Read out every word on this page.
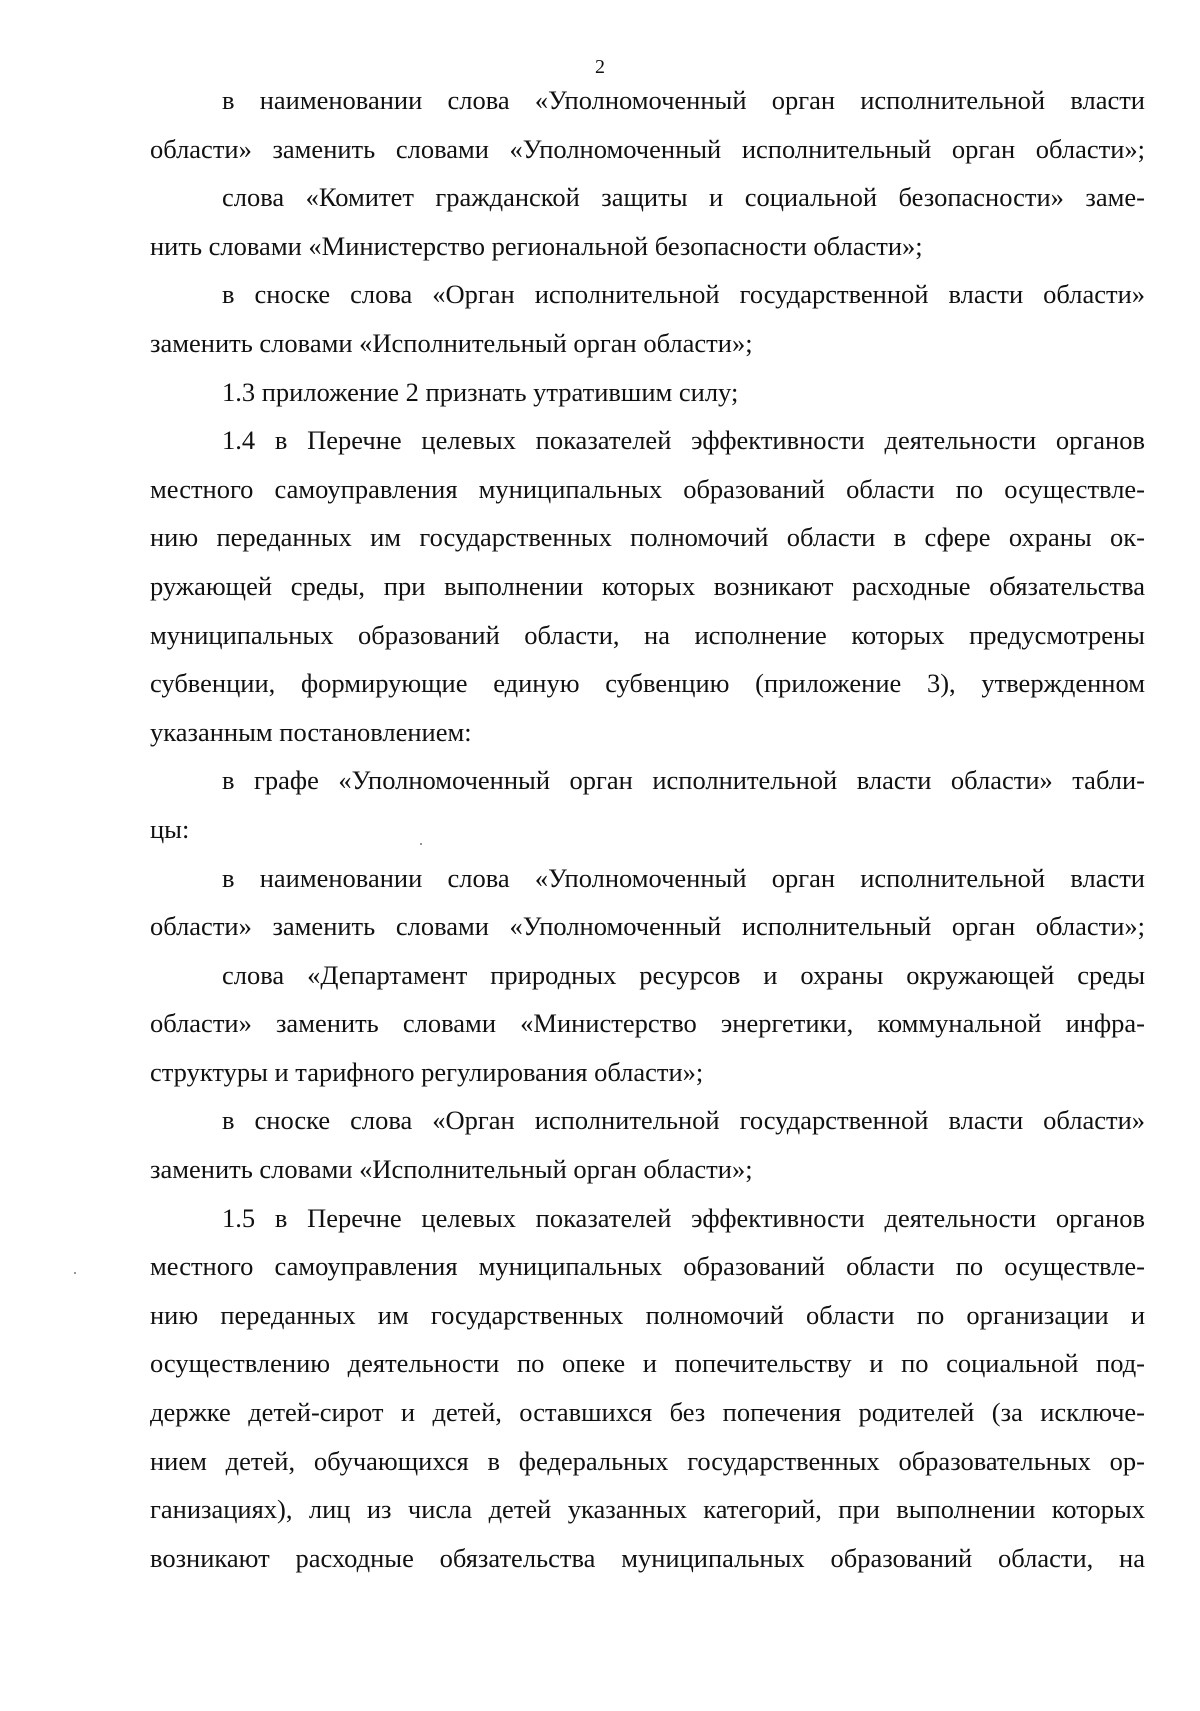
2
в наименовании слова «Уполномоченный орган исполнительной власти
области» заменить словами «Уполномоченный исполнительный орган области»;
слова «Комитет гражданской защиты и социальной безопасности» заме-
нить словами «Министерство региональной безопасности области»;
в сноске слова «Орган исполнительной государственной власти области»
заменить словами «Исполнительный орган области»;
1.3 приложение 2 признать утратившим силу;
1.4 в Перечне целевых показателей эффективности деятельности органов
местного самоуправления муниципальных образований области по осуществле-
нию переданных им государственных полномочий области в сфере охраны ок-
ружающей среды, при выполнении которых возникают расходные обязательства
муниципальных образований области, на исполнение которых предусмотрены
субвенции, формирующие единую субвенцию (приложение 3), утвержденном
указанным постановлением:
в графе «Уполномоченный орган исполнительной власти области» табли-
цы:
в наименовании слова «Уполномоченный орган исполнительной власти
области» заменить словами «Уполномоченный исполнительный орган области»;
слова «Департамент природных ресурсов и охраны окружающей среды
области» заменить словами «Министерство энергетики, коммунальной инфра-
структуры и тарифного регулирования области»;
в сноске слова «Орган исполнительной государственной власти области»
заменить словами «Исполнительный орган области»;
1.5 в Перечне целевых показателей эффективности деятельности органов
местного самоуправления муниципальных образований области по осуществле-
нию переданных им государственных полномочий области по организации и
осуществлению деятельности по опеке и попечительству и по социальной под-
держке детей-сирот и детей, оставшихся без попечения родителей (за исключе-
нием детей, обучающихся в федеральных государственных образовательных ор-
ганизациях), лиц из числа детей указанных категорий, при выполнении которых
возникают расходные обязательства муниципальных образований области, на
